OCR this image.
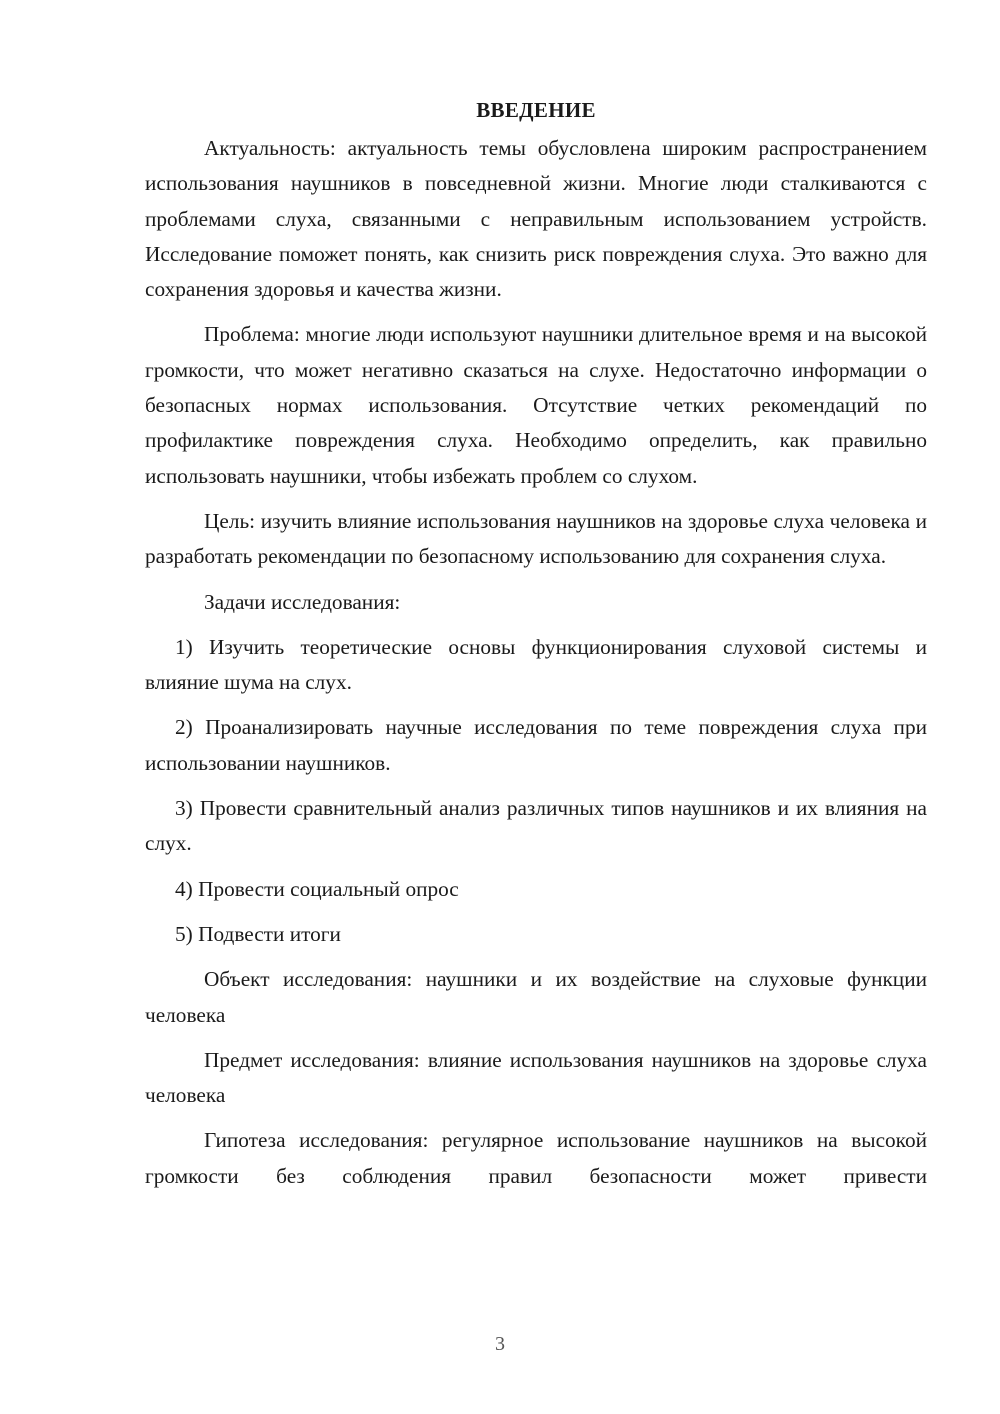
ВВЕДЕНИЕ

Актуальность: актуальность темы обусловлена широким распространением использования наушников в повседневной жизни. Многие люди сталкиваются с проблемами слуха, связанными с неправильным использованием устройств. Исследование поможет понять, как снизить риск повреждения слуха. Это важно для сохранения здоровья и качества жизни.

Проблема: многие люди используют наушники длительное время и на высокой громкости, что может негативно сказаться на слухе. Недостаточно информации о безопасных нормах использования. Отсутствие четких рекомендаций по профилактике повреждения слуха. Необходимо определить, как правильно использовать наушники, чтобы избежать проблем со слухом.

Цель: изучить влияние использования наушников на здоровье слуха человека и разработать рекомендации по безопасному использованию для сохранения слуха.

Задачи исследования:

1) Изучить теоретические основы функционирования слуховой системы и влияние шума на слух.

2) Проанализировать научные исследования по теме повреждения слуха при использовании наушников.

3) Провести сравнительный анализ различных типов наушников и их влияния на слух.

4) Провести социальный опрос

5) Подвести итоги

Объект исследования: наушники и их воздействие на слуховые функции человека

Предмет исследования: влияние использования наушников на здоровье слуха человека

Гипотеза исследования: регулярное использование наушников на высокой громкости без соблюдения правил безопасности может привести

3
